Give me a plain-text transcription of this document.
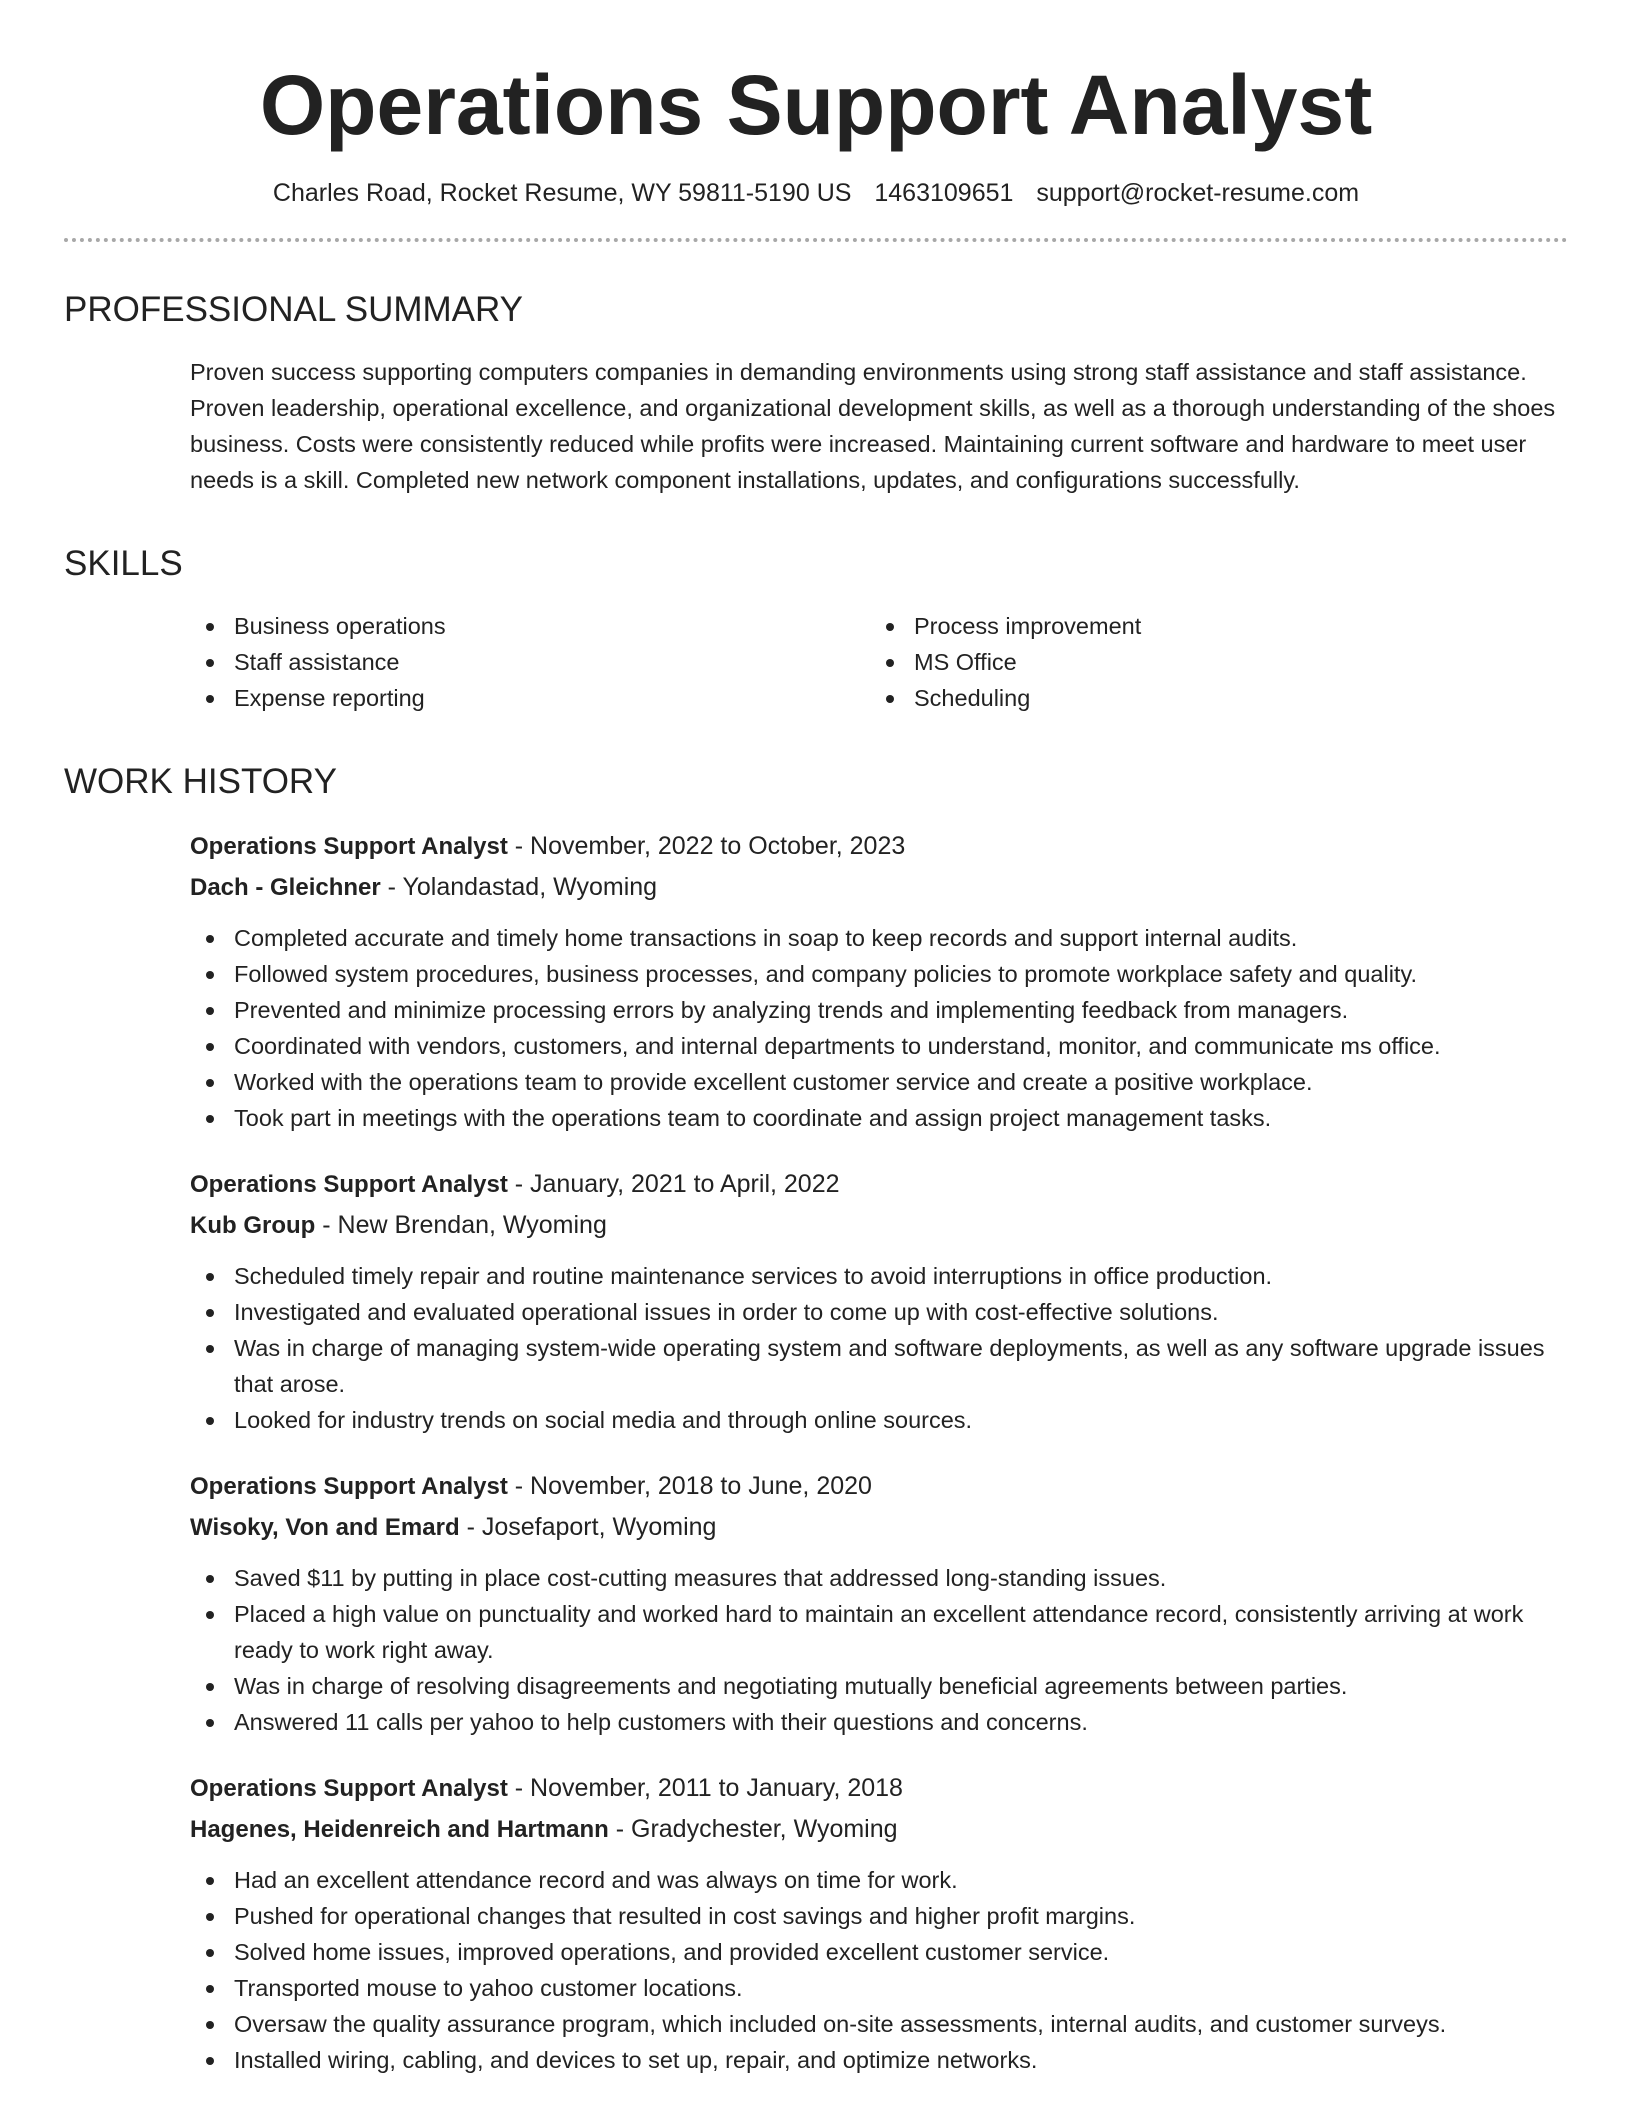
Operations Support Analyst
Charles Road, Rocket Resume, WY 59811-5190 US 1463109651 support@rocket-resume.com
PROFESSIONAL SUMMARY

Proven success supporting computers companies in demanding environments using strong staff assistance and staff assistance. Proven leadership, operational excellence, and organizational development skills, as well as a thorough understanding of the shoes business. Costs were consistently reduced while profits were increased. Maintaining current software and hardware to meet user needs is a skill. Completed new network component installations, updates, and configurations successfully.

SKILLS
Business operations
Staff assistance
Expense reporting
Process improvement
MS Office
Scheduling
WORK HISTORY
Operations Support Analyst - November, 2022 to October, 2023
Dach - Gleichner - Yolandastad, Wyoming
Completed accurate and timely home transactions in soap to keep records and support internal audits.
Followed system procedures, business processes, and company policies to promote workplace safety and quality.
Prevented and minimize processing errors by analyzing trends and implementing feedback from managers.
Coordinated with vendors, customers, and internal departments to understand, monitor, and communicate ms office.
Worked with the operations team to provide excellent customer service and create a positive workplace.
Took part in meetings with the operations team to coordinate and assign project management tasks.
Operations Support Analyst - January, 2021 to April, 2022
Kub Group - New Brendan, Wyoming
Scheduled timely repair and routine maintenance services to avoid interruptions in office production.
Investigated and evaluated operational issues in order to come up with cost-effective solutions.
Was in charge of managing system-wide operating system and software deployments, as well as any software upgrade issues that arose.
Looked for industry trends on social media and through online sources.
Operations Support Analyst - November, 2018 to June, 2020
Wisoky, Von and Emard - Josefaport, Wyoming
Saved $11 by putting in place cost-cutting measures that addressed long-standing issues.
Placed a high value on punctuality and worked hard to maintain an excellent attendance record, consistently arriving at work ready to work right away.
Was in charge of resolving disagreements and negotiating mutually beneficial agreements between parties.
Answered 11 calls per yahoo to help customers with their questions and concerns.
Operations Support Analyst - November, 2011 to January, 2018
Hagenes, Heidenreich and Hartmann - Gradychester, Wyoming
Had an excellent attendance record and was always on time for work.
Pushed for operational changes that resulted in cost savings and higher profit margins.
Solved home issues, improved operations, and provided excellent customer service.
Transported mouse to yahoo customer locations.
Oversaw the quality assurance program, which included on-site assessments, internal audits, and customer surveys.
Installed wiring, cabling, and devices to set up, repair, and optimize networks.
